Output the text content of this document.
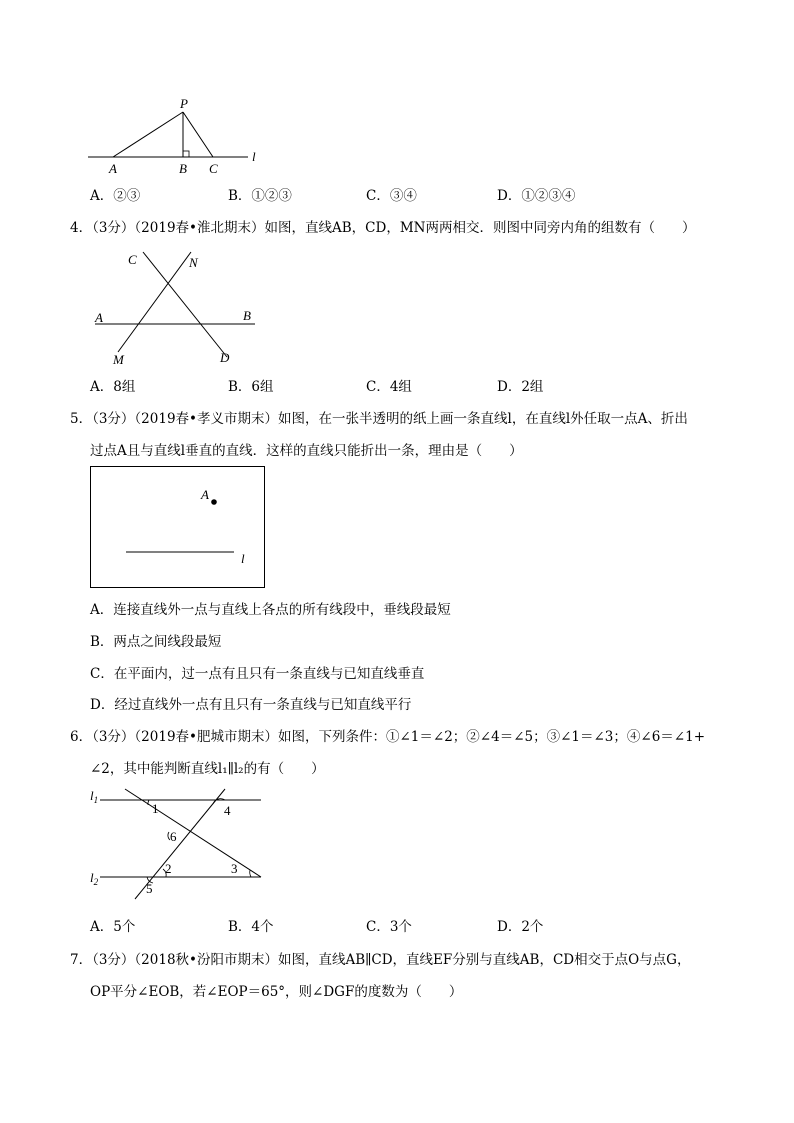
P
A	B C
l
A．②③	B．①②③	C．③④	D．①②③④
4．（3分）（2019春•淮北期末）如图，直线AB，CD，MN两两相交．则图中同旁内角的组数有（　　）
C	N
A	B
M	D
A．8组	B．6组	C．4组	D．2组
5．（3分）（2019春•孝义市期末）如图，在一张半透明的纸上画一条直线l，在直线l外任取一点A、折出
过点A且与直线l垂直的直线．这样的直线只能折出一条，理由是（　　）
A
l
A．连接直线外一点与直线上各点的所有线段中，垂线段最短
B．两点之间线段最短
C．在平面内，过一点有且只有一条直线与已知直线垂直
D．经过直线外一点有且只有一条直线与已知直线平行
6．（3分）（2019春•肥城市期末）如图，下列条件：①∠1＝∠2；②∠4＝∠5；③∠1＝∠3；④∠6＝∠1+
∠2，其中能判断直线l₁∥l₂的有（　　）
$l_1$
$l_2$
1	4
6
2	3
5
A．5个	B．4个	C．3个	D．2个
7．（3分）（2018秋•汾阳市期末）如图，直线AB∥CD，直线EF分别与直线AB，CD相交于点O与点G，
OP平分∠EOB，若∠EOP＝65°，则∠DGF的度数为（　　）
